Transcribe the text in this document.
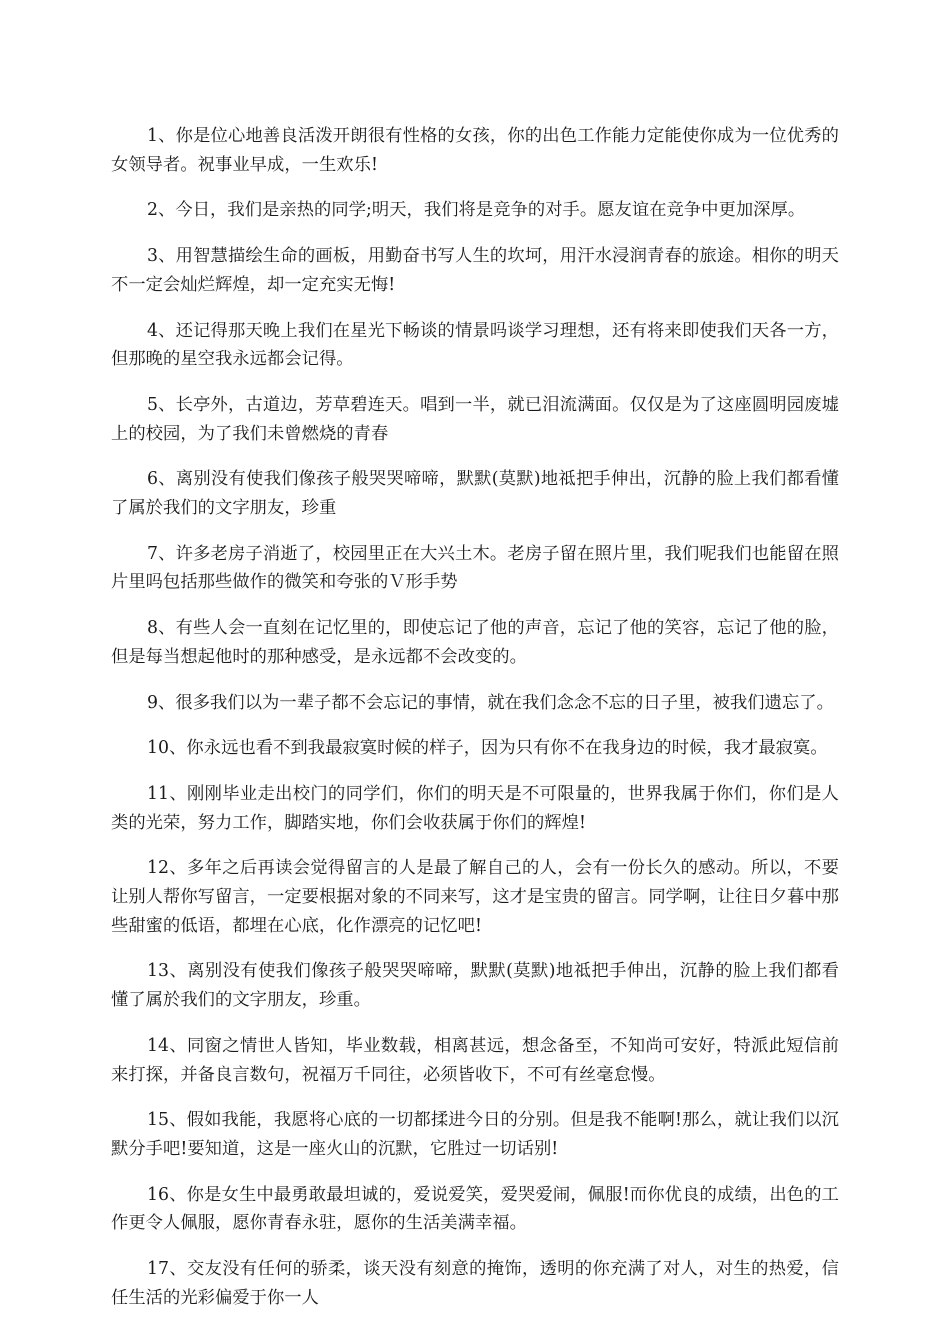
1、你是位心地善良活泼开朗很有性格的女孩，你的出色工作能力定能使你成为一位优秀的女领导者。祝事业早成，一生欢乐!

2、今日，我们是亲热的同学;明天，我们将是竞争的对手。愿友谊在竞争中更加深厚。

3、用智慧描绘生命的画板，用勤奋书写人生的坎坷，用汗水浸润青春的旅途。相你的明天不一定会灿烂辉煌，却一定充实无悔!

4、还记得那天晚上我们在星光下畅谈的情景吗谈学习理想，还有将来即使我们天各一方，但那晚的星空我永远都会记得。

5、长亭外，古道边，芳草碧连天。唱到一半，就已泪流满面。仅仅是为了这座圆明园废墟上的校园，为了我们未曾燃烧的青春

6、离别没有使我们像孩子般哭哭啼啼，默默(莫默)地祗把手伸出，沉静的脸上我们都看懂了属於我们的文字朋友，珍重

7、许多老房子消逝了，校园里正在大兴土木。老房子留在照片里，我们呢我们也能留在照片里吗包括那些做作的微笑和夸张的Ｖ形手势

8、有些人会一直刻在记忆里的，即使忘记了他的声音，忘记了他的笑容，忘记了他的脸，但是每当想起他时的那种感受，是永远都不会改变的。

9、很多我们以为一辈子都不会忘记的事情，就在我们念念不忘的日子里，被我们遗忘了。

10、你永远也看不到我最寂寞时候的样子，因为只有你不在我身边的时候，我才最寂寞。

11、刚刚毕业走出校门的同学们，你们的明天是不可限量的，世界我属于你们，你们是人类的光荣，努力工作，脚踏实地，你们会收获属于你们的辉煌!

12、多年之后再读会觉得留言的人是最了解自己的人，会有一份长久的感动。所以，不要让别人帮你写留言，一定要根据对象的不同来写，这才是宝贵的留言。同学啊，让往日夕暮中那些甜蜜的低语，都埋在心底，化作漂亮的记忆吧!

13、离别没有使我们像孩子般哭哭啼啼，默默(莫默)地祗把手伸出，沉静的脸上我们都看懂了属於我们的文字朋友，珍重。

14、同窗之情世人皆知，毕业数载，相离甚远，想念备至，不知尚可安好，特派此短信前来打探，并备良言数句，祝福万千同往，必须皆收下，不可有丝毫怠慢。

15、假如我能，我愿将心底的一切都揉进今日的分别。但是我不能啊!那么，就让我们以沉默分手吧!要知道，这是一座火山的沉默，它胜过一切话别!

16、你是女生中最勇敢最坦诚的，爱说爱笑，爱哭爱闹，佩服!而你优良的成绩，出色的工作更令人佩服，愿你青春永驻，愿你的生活美满幸福。

17、交友没有任何的骄柔，谈天没有刻意的掩饰，透明的你充满了对人，对生的热爱，信任生活的光彩偏爱于你一人
